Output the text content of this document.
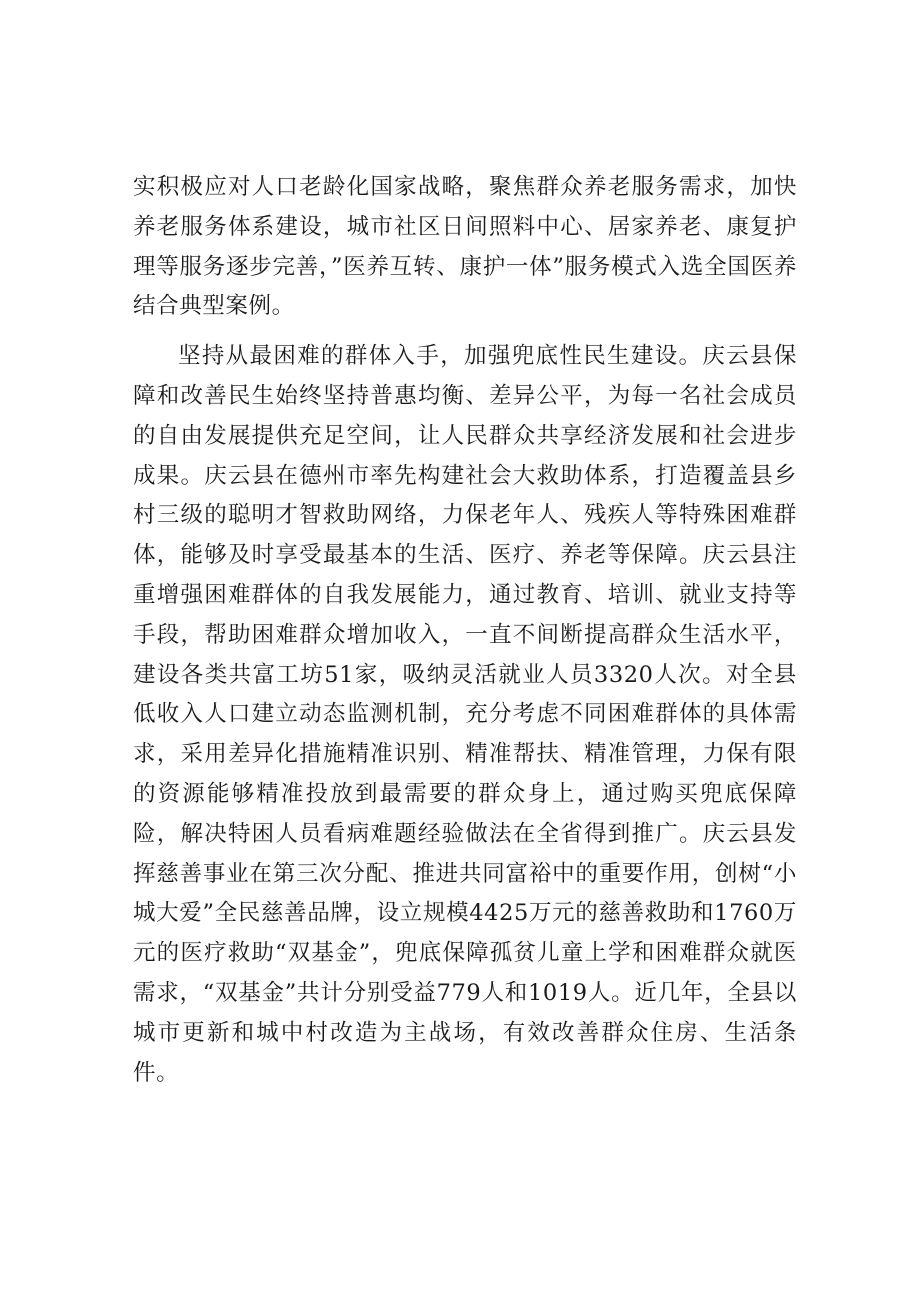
实积极应对人口老龄化国家战略，聚焦群众养老服务需求，加快养老服务体系建设，城市社区日间照料中心、居家养老、康复护理等服务逐步完善，”医养互转、康护一体”服务模式入选全国医养结合典型案例。

坚持从最困难的群体入手，加强兜底性民生建设。庆云县保障和改善民生始终坚持普惠均衡、差异公平，为每一名社会成员的自由发展提供充足空间，让人民群众共享经济发展和社会进步成果。庆云县在德州市率先构建社会大救助体系，打造覆盖县乡村三级的聪明才智救助网络，力保老年人、残疾人等特殊困难群体，能够及时享受最基本的生活、医疗、养老等保障。庆云县注重增强困难群体的自我发展能力，通过教育、培训、就业支持等手段，帮助困难群众增加收入，一直不间断提高群众生活水平，建设各类共富工坊51家，吸纳灵活就业人员3320人次。对全县低收入人口建立动态监测机制，充分考虑不同困难群体的具体需求，采用差异化措施精准识别、精准帮扶、精准管理，力保有限的资源能够精准投放到最需要的群众身上，通过购买兜底保障险，解决特困人员看病难题经验做法在全省得到推广。庆云县发挥慈善事业在第三次分配、推进共同富裕中的重要作用，创树“小城大爱”全民慈善品牌，设立规模4425万元的慈善救助和1760万元的医疗救助“双基金”，兜底保障孤贫儿童上学和困难群众就医需求，“双基金”共计分别受益779人和1019人。近几年，全县以城市更新和城中村改造为主战场，有效改善群众住房、生活条件。
